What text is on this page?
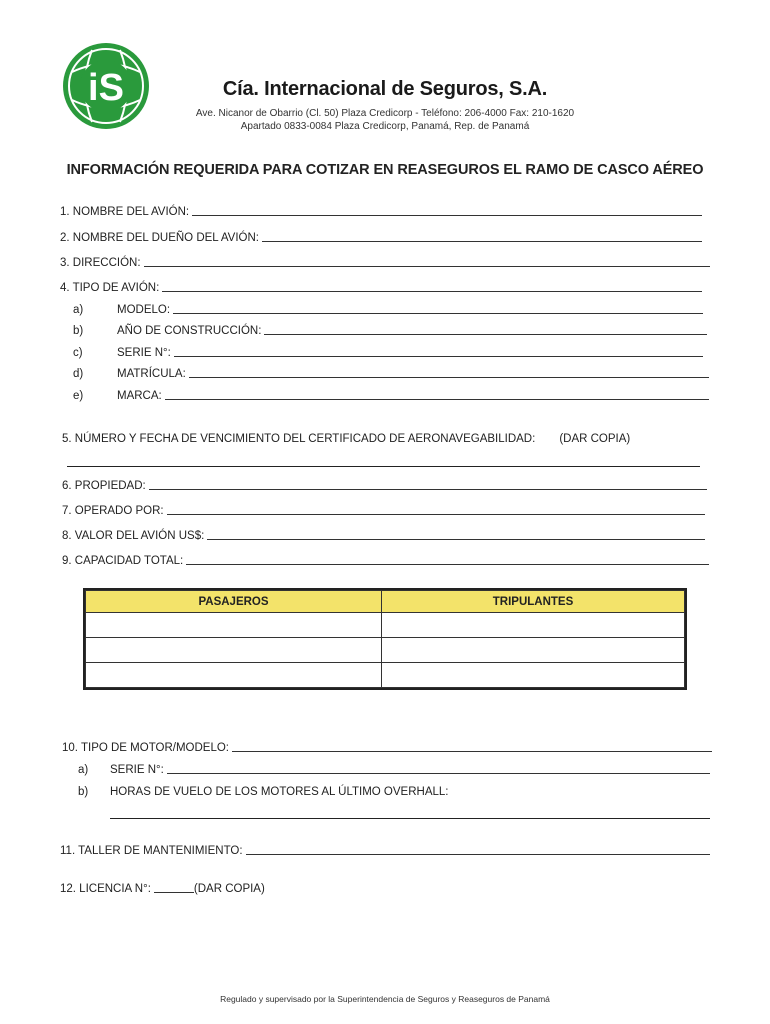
iS	Cía. Internacional de Seguros, S.A.
Ave. Nicanor de Obarrio (Cl. 50) Plaza Credicorp - Teléfono: 206-4000 Fax: 210-1620
Apartado 0833-0084 Plaza Credicorp, Panamá, Rep. de Panamá
INFORMACIÓN REQUERIDA PARA COTIZAR EN REASEGUROS EL RAMO DE CASCO AÉREO
1. NOMBRE DEL AVIÓN:
2. NOMBRE DEL DUEÑO DEL AVIÓN:
3. DIRECCIÓN:
4. TIPO DE AVIÓN:
a)	MODELO:
b)	AÑO DE CONSTRUCCIÓN:
c)	SERIE N°:
d)	MATRÍCULA:
e)	MARCA:
5. NÚMERO Y FECHA DE VENCIMIENTO DEL CERTIFICADO DE AERONAVEGABILIDAD: (DAR COPIA)
6. PROPIEDAD:
7. OPERADO POR:
8. VALOR DEL AVIÓN US$:
9. CAPACIDAD TOTAL:
PASAJEROS	TRIPULANTES

10. TIPO DE MOTOR/MODELO:
a)	SERIE N°:
b)	HORAS DE VUELO DE LOS MOTORES AL ÚLTIMO OVERHALL:
11. TALLER DE MANTENIMIENTO:
12. LICENCIA N°:	(DAR COPIA)
Regulado y supervisado por la Superintendencia de Seguros y Reaseguros de Panamá
